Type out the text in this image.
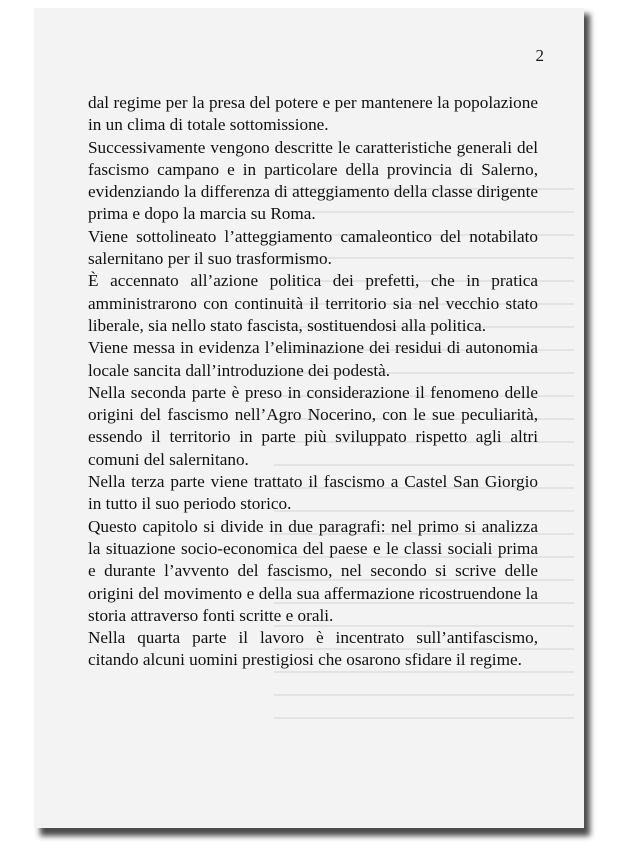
2

dal regime per la presa del potere e per mantenere la popolazione in un clima di totale sottomissione.

Successivamente vengono descritte le caratteristiche generali del fascismo campano e in particolare della provincia di Salerno, evidenziando la differenza di atteggiamento della classe dirigente prima e dopo la marcia su Roma.

Viene sottolineato l’atteggiamento camaleontico del notabilato salernitano per il suo trasformismo.

È accennato all’azione politica dei prefetti, che in pratica amministrarono con continuità il territorio sia nel vecchio stato liberale, sia nello stato fascista, sostituendosi alla politica.

Viene messa in evidenza l’eliminazione dei residui di autonomia locale sancita dall’introduzione dei podestà.

Nella seconda parte è preso in considerazione il fenomeno delle origini del fascismo nell’Agro Nocerino, con le sue peculiarità, essendo il territorio in parte più sviluppato rispetto agli altri comuni del salernitano.

Nella terza parte viene trattato il fascismo a Castel San Giorgio in tutto il suo periodo storico.

Questo capitolo si divide in due paragrafi: nel primo si analizza la situazione socio-economica del paese e le classi sociali prima e durante l’avvento del fascismo, nel secondo si scrive delle origini del movimento e della sua affermazione ricostruendone la storia attraverso fonti scritte e orali.

Nella quarta parte il lavoro è incentrato sull’antifascismo, citando alcuni uomini prestigiosi che osarono sfidare il regime.
